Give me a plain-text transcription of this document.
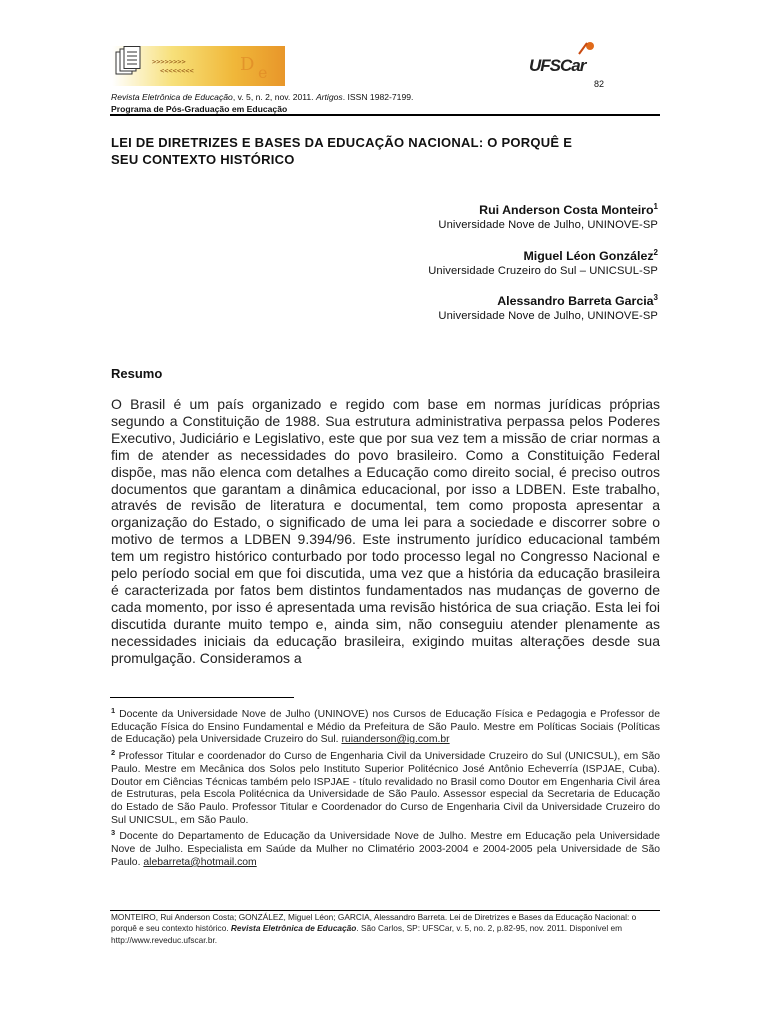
D e
>>>>>>>>
<<<<<<<<	UFSCar
82
Revista Eletrônica de Educação, v. 5, n. 2, nov. 2011. Artigos. ISSN 1982-7199.
Programa de Pós-Graduação em Educação
LEI DE DIRETRIZES E BASES DA EDUCAÇÃO NACIONAL: O PORQUÊ E
SEU CONTEXTO HISTÓRICO
Rui Anderson Costa Monteiro$^1$
Universidade Nove de Julho, UNINOVE-SP
Miguel Léon González$^2$
Universidade Cruzeiro do Sul – UNICSUL-SP
Alessandro Barreta Garcia$^3$
Universidade Nove de Julho, UNINOVE-SP
Resumo
O Brasil é um país organizado e regido com base em normas jurídicas próprias segundo a Constituição de 1988. Sua estrutura administrativa perpassa pelos Poderes Executivo, Judiciário e Legislativo, este que por sua vez tem a missão de criar normas a fim de atender as necessidades do povo brasileiro. Como a Constituição Federal dispõe, mas não elenca com detalhes a Educação como direito social, é preciso outros documentos que garantam a dinâmica educacional, por isso a LDBEN. Este trabalho, através de revisão de literatura e documental, tem como proposta apresentar a organização do Estado, o significado de uma lei para a sociedade e discorrer sobre o motivo de termos a LDBEN 9.394/96. Este instrumento jurídico educacional também tem um registro histórico conturbado por todo processo legal no Congresso Nacional e pelo período social em que foi discutida, uma vez que a história da educação brasileira é caracterizada por fatos bem distintos fundamentados nas mudanças de governo de cada momento, por isso é apresentada uma revisão histórica de sua criação. Esta lei foi discutida durante muito tempo e, ainda sim, não conseguiu atender plenamente as necessidades iniciais da educação brasileira, exigindo muitas alterações desde sua promulgação. Consideramos a

$^1$ Docente da Universidade Nove de Julho (UNINOVE) nos Cursos de Educação Física e Pedagogia e Professor de Educação Física do Ensino Fundamental e Médio da Prefeitura de São Paulo. Mestre em Políticas Sociais (Políticas de Educação) pela Universidade Cruzeiro do Sul. ruianderson@ig.com.br

$^2$ Professor Titular e coordenador do Curso de Engenharia Civil da Universidade Cruzeiro do Sul (UNICSUL), em São Paulo. Mestre em Mecânica dos Solos pelo Instituto Superior Politécnico José Antônio Echeverría (ISPJAE, Cuba). Doutor em Ciências Técnicas também pelo ISPJAE - título revalidado no Brasil como Doutor em Engenharia Civil área de Estruturas, pela Escola Politécnica da Universidade de São Paulo. Assessor especial da Secretaria de Educação do Estado de São Paulo. Professor Titular e Coordenador do Curso de Engenharia Civil da Universidade Cruzeiro do Sul UNICSUL, em São Paulo.

$^3$ Docente do Departamento de Educação da Universidade Nove de Julho. Mestre em Educação pela Universidade Nove de Julho. Especialista em Saúde da Mulher no Climatério 2003-2004 e 2004-2005 pela Universidade de São Paulo. alebarreta@hotmail.com

MONTEIRO, Rui Anderson Costa; GONZÁLEZ, Miguel Léon; GARCIA, Alessandro Barreta. Lei de Diretrizes e Bases da Educação Nacional: o porquê e seu contexto histórico. Revista Eletrônica de Educação. São Carlos, SP: UFSCar, v. 5, no. 2, p.82-95, nov. 2011. Disponível em http://www.reveduc.ufscar.br.
